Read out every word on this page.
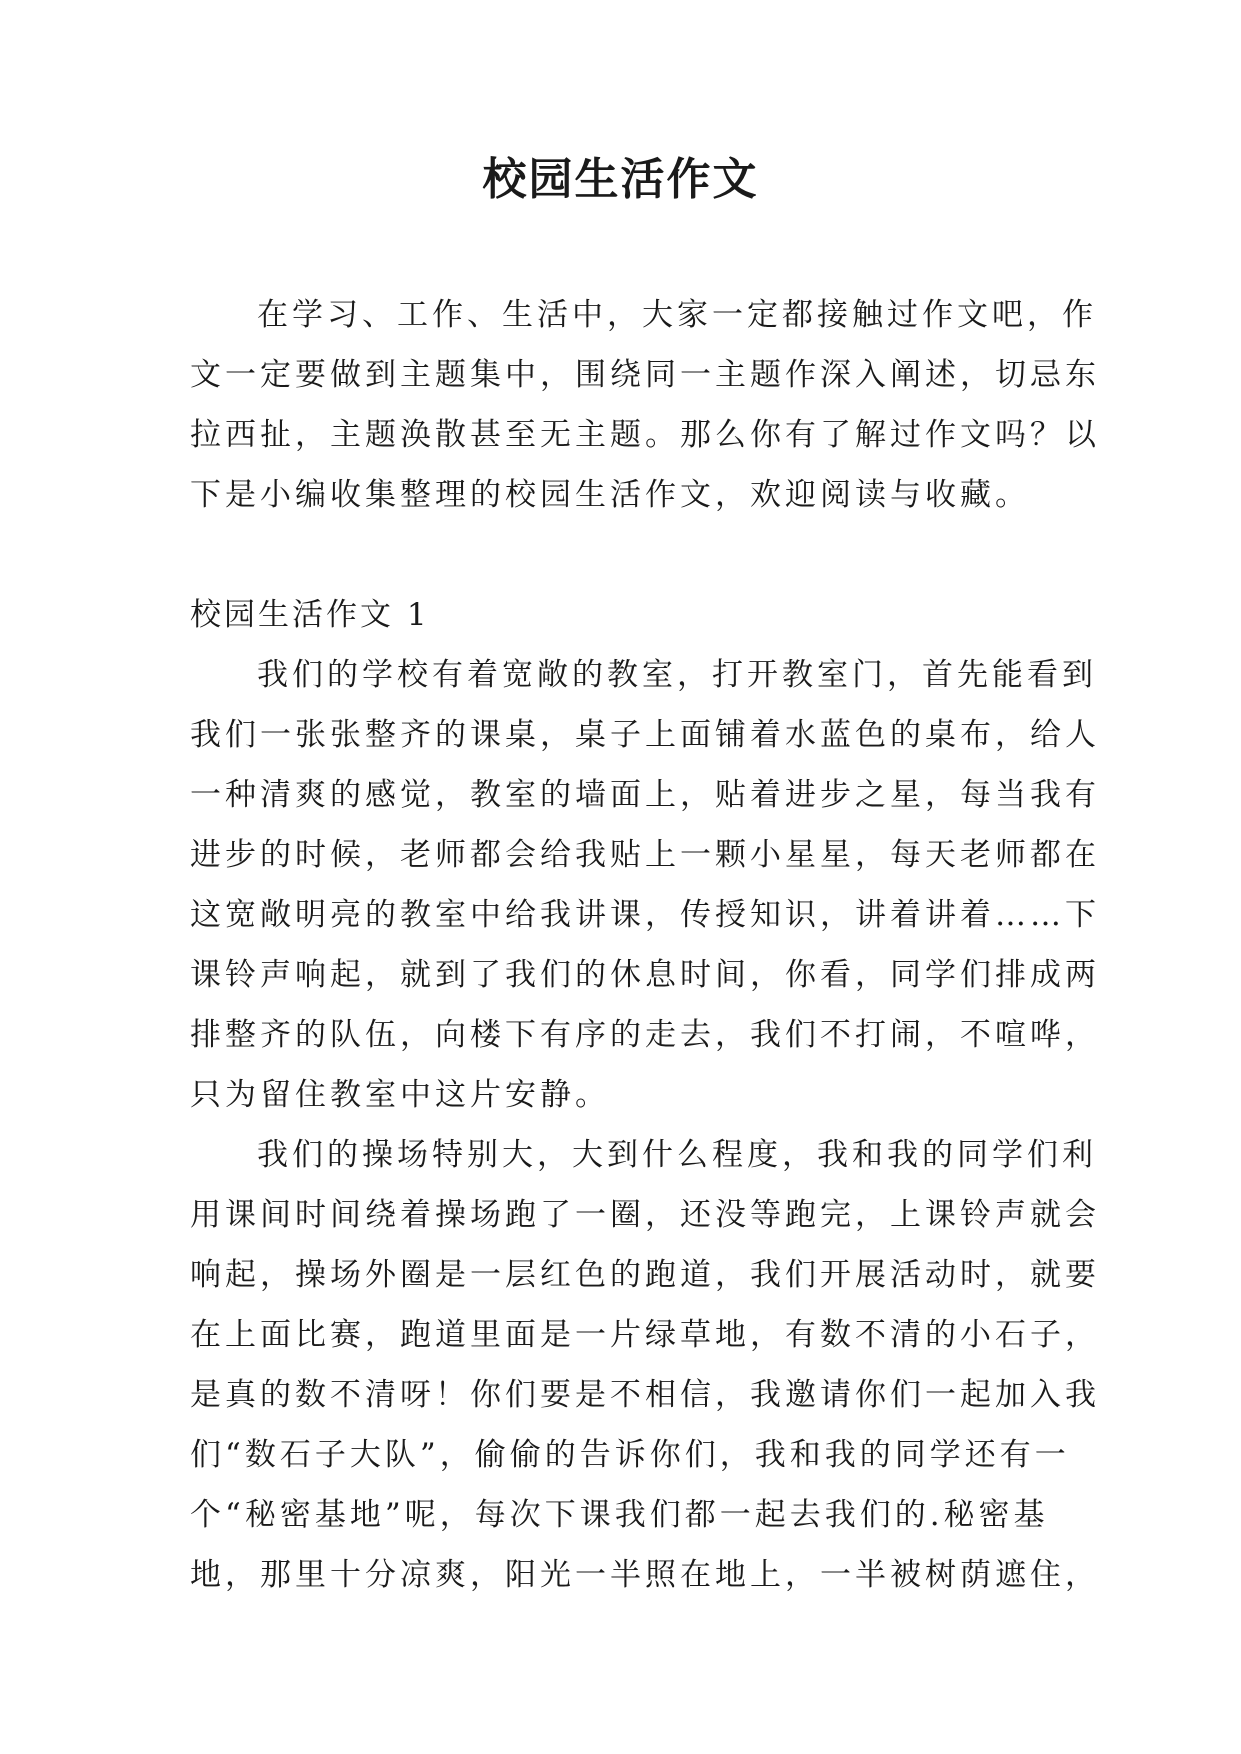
校园生活作文
在学习、工作、生活中，大家一定都接触过作文吧，作
文一定要做到主题集中，围绕同一主题作深入阐述，切忌东
拉西扯，主题涣散甚至无主题。那么你有了解过作文吗？以
下是小编收集整理的校园生活作文，欢迎阅读与收藏。
校园生活作文 1
我们的学校有着宽敞的教室，打开教室门，首先能看到
我们一张张整齐的课桌，桌子上面铺着水蓝色的桌布，给人
一种清爽的感觉，教室的墙面上，贴着进步之星，每当我有
进步的时候，老师都会给我贴上一颗小星星，每天老师都在
这宽敞明亮的教室中给我讲课，传授知识，讲着讲着……下
课铃声响起，就到了我们的休息时间，你看，同学们排成两
排整齐的队伍，向楼下有序的走去，我们不打闹，不喧哗，
只为留住教室中这片安静。
我们的操场特别大，大到什么程度，我和我的同学们利
用课间时间绕着操场跑了一圈，还没等跑完，上课铃声就会
响起，操场外圈是一层红色的跑道，我们开展活动时，就要
在上面比赛，跑道里面是一片绿草地，有数不清的小石子，
是真的数不清呀！你们要是不相信，我邀请你们一起加入我
们“数石子大队”，偷偷的告诉你们，我和我的同学还有一
个“秘密基地”呢，每次下课我们都一起去我们的.秘密基
地，那里十分凉爽，阳光一半照在地上，一半被树荫遮住，
